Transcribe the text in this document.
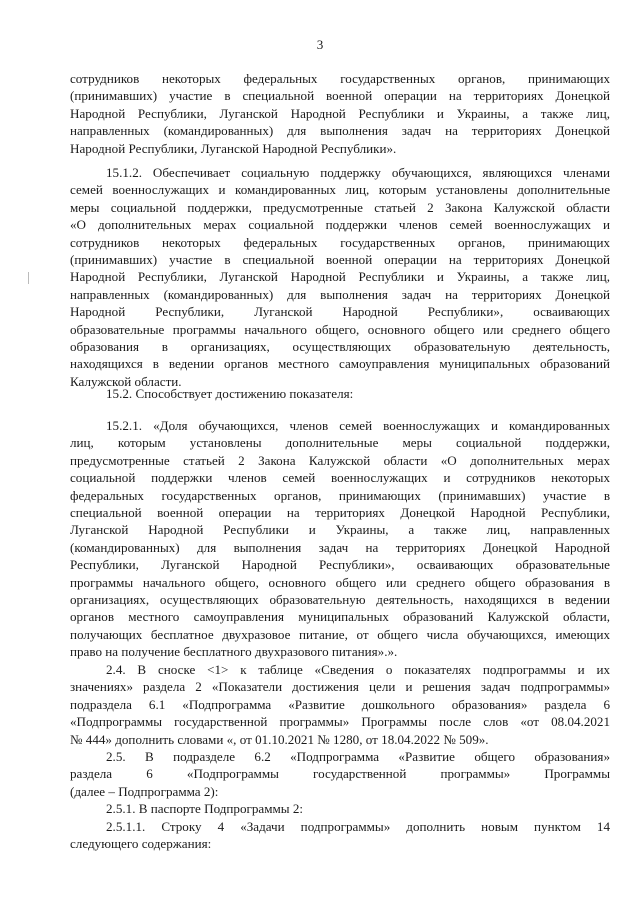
3
сотрудников некоторых федеральных государственных органов, принимающих
(принимавших) участие в специальной военной операции на территориях Донецкой
Народной Республики, Луганской Народной Республики и Украины, а также лиц,
направленных (командированных) для выполнения задач на территориях Донецкой
Народной Республики, Луганской Народной Республики».
15.1.2. Обеспечивает социальную поддержку обучающихся, являющихся членами
семей военнослужащих и командированных лиц, которым установлены дополнительные
меры социальной поддержки, предусмотренные статьей 2 Закона Калужской области
«О дополнительных мерах социальной поддержки членов семей военнослужащих и
сотрудников некоторых федеральных государственных органов, принимающих
(принимавших) участие в специальной военной операции на территориях Донецкой
Народной Республики, Луганской Народной Республики и Украины, а также лиц,
направленных (командированных) для выполнения задач на территориях Донецкой
Народной Республики, Луганской Народной Республики», осваивающих
образовательные программы начального общего, основного общего или среднего общего
образования в организациях, осуществляющих образовательную деятельность,
находящихся в ведении органов местного самоуправления муниципальных образований
Калужской области.
15.2. Способствует достижению показателя:
15.2.1. «Доля обучающихся, членов семей военнослужащих и командированных
лиц, которым установлены дополнительные меры социальной поддержки,
предусмотренные статьей 2 Закона Калужской области «О дополнительных мерах
социальной поддержки членов семей военнослужащих и сотрудников некоторых
федеральных государственных органов, принимающих (принимавших) участие в
специальной военной операции на территориях Донецкой Народной Республики,
Луганской Народной Республики и Украины, а также лиц, направленных
(командированных) для выполнения задач на территориях Донецкой Народной
Республики, Луганской Народной Республики», осваивающих образовательные
программы начального общего, основного общего или среднего общего образования в
организациях, осуществляющих образовательную деятельность, находящихся в ведении
органов местного самоуправления муниципальных образований Калужской области,
получающих бесплатное двухразовое питание, от общего числа обучающихся, имеющих
право на получение бесплатного двухразового питания».».
2.4. В сноске <1> к таблице «Сведения о показателях подпрограммы и их
значениях» раздела 2 «Показатели достижения цели и решения задач подпрограммы»
подраздела 6.1 «Подпрограмма «Развитие дошкольного образования» раздела 6
«Подпрограммы государственной программы» Программы после слов «от 08.04.2021
№ 444» дополнить словами «, от 01.10.2021 № 1280, от 18.04.2022 № 509».
2.5. В подразделе 6.2 «Подпрограмма «Развитие общего образования»
раздела 6 «Подпрограммы государственной программы» Программы
(далее – Подпрограмма 2):
2.5.1. В паспорте Подпрограммы 2:
2.5.1.1. Строку 4 «Задачи подпрограммы» дополнить новым пунктом 14
следующего содержания:
